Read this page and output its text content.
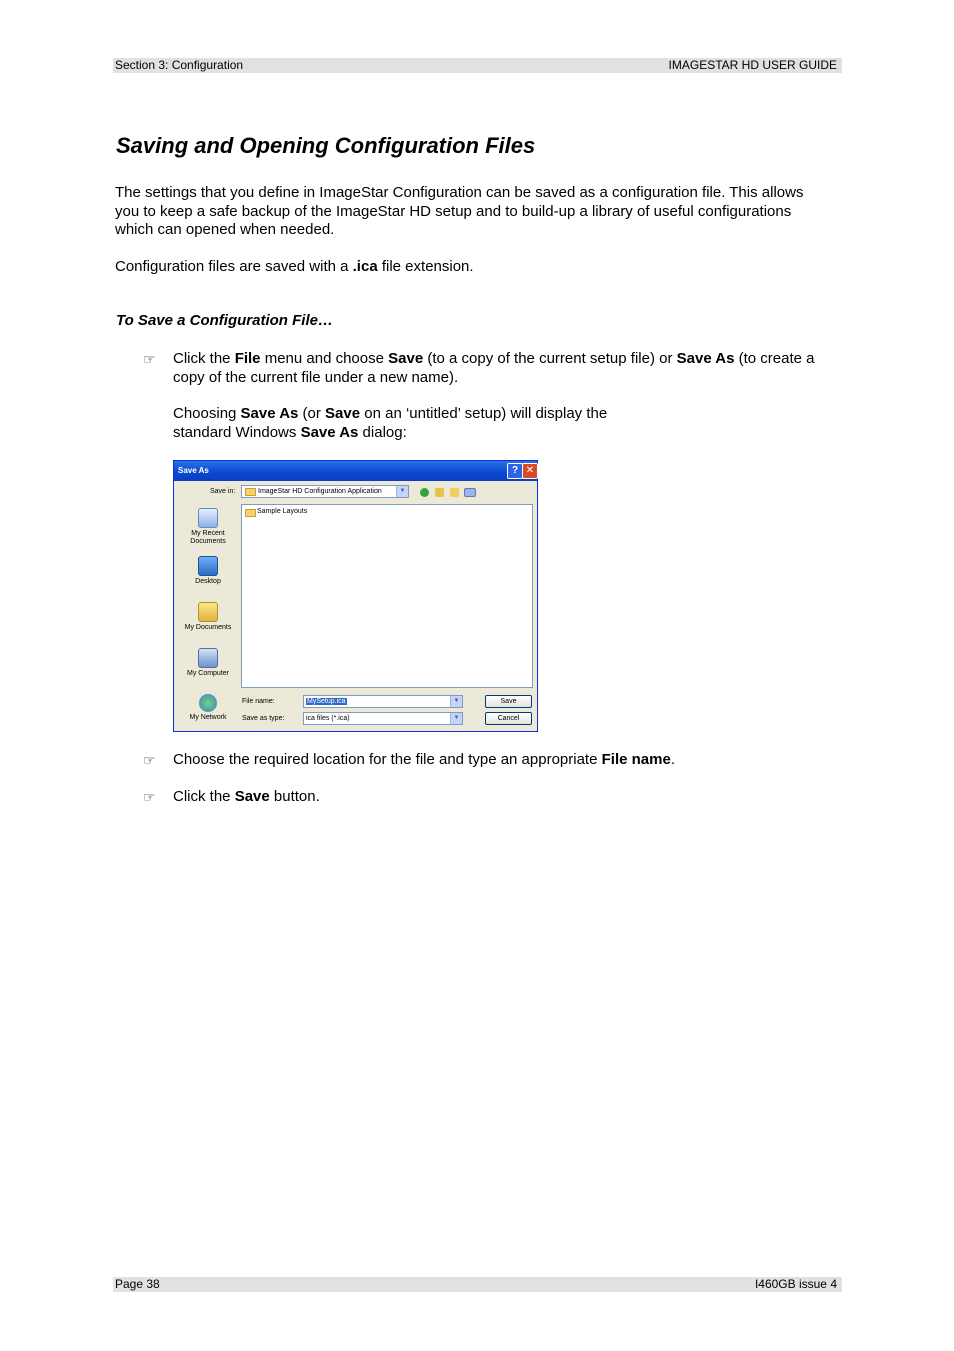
Section 3: Configuration	IMAGESTAR HD USER GUIDE
Saving and Opening Configuration Files

The settings that you define in ImageStar Configuration can be saved as a configuration file. This allows you to keep a safe backup of the ImageStar HD setup and to build-up a library of useful configurations which can opened when needed.

Configuration files are saved with a .ica file extension.

To Save a Configuration File…
☞ Click the File menu and choose Save (to a copy of the current setup file) or Save As (to create a copy of the current file under a new name).

Choosing Save As (or Save on an ‘untitled’ setup) will display the
standard Windows Save As dialog:

Save As	? ✕
Save in:	ImageStar HD Configuration Application	▼
My Recent Documents
Desktop
My Documents
My Computer
My Network
Sample Layouts
File name:	MySetup.ica	▼	Save
Save as type:	ica files (*.ica)	▼	Cancel
☞ Choose the required location for the file and type an appropriate File name.

☞ Click the Save button.

Page 38	I460GB issue 4
